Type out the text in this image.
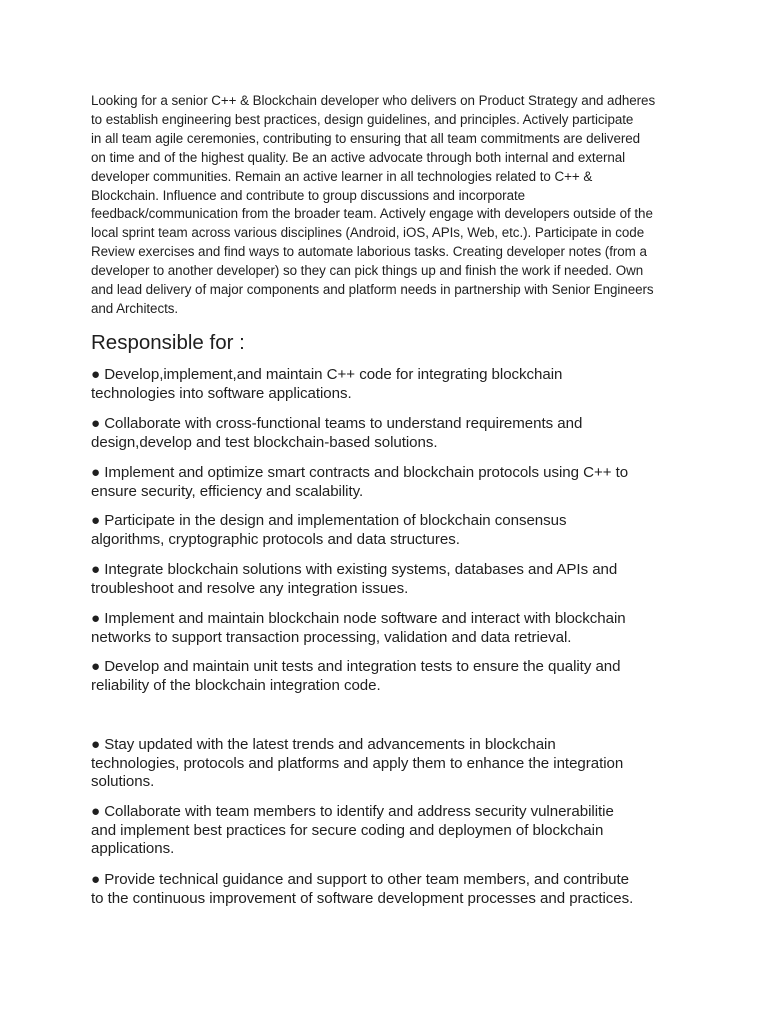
Looking for a senior C++ & Blockchain developer who delivers on Product Strategy and adheres
to establish engineering best practices, design guidelines, and principles. Actively participate
in all team agile ceremonies, contributing to ensuring that all team commitments are delivered
on time and of the highest quality. Be an active advocate through both internal and external
developer communities. Remain an active learner in all technologies related to C++ &
Blockchain. Influence and contribute to group discussions and incorporate
feedback/communication from the broader team. Actively engage with developers outside of the
local sprint team across various disciplines (Android, iOS, APIs, Web, etc.). Participate in code
Review exercises and find ways to automate laborious tasks. Creating developer notes (from a
developer to another developer) so they can pick things up and finish the work if needed. Own
and lead delivery of major components and platform needs in partnership with Senior Engineers
and Architects.

Responsible for :

● Develop,implement,and maintain C++ code for integrating blockchain
technologies into software applications.

● Collaborate with cross-functional teams to understand requirements and
design,develop and test blockchain-based solutions.

● Implement and optimize smart contracts and blockchain protocols using C++ to
ensure security, efficiency and scalability.

● Participate in the design and implementation of blockchain consensus
algorithms, cryptographic protocols and data structures.

● Integrate blockchain solutions with existing systems, databases and APIs and
troubleshoot and resolve any integration issues.

● Implement and maintain blockchain node software and interact with blockchain
networks to support transaction processing, validation and data retrieval.

● Develop and maintain unit tests and integration tests to ensure the quality and
reliability of the blockchain integration code.

● Stay updated with the latest trends and advancements in blockchain
technologies, protocols and platforms and apply them to enhance the integration
solutions.

● Collaborate with team members to identify and address security vulnerabilitie
and implement best practices for secure coding and deploymen of blockchain
applications.

● Provide technical guidance and support to other team members, and contribute
to the continuous improvement of software development processes and practices.
